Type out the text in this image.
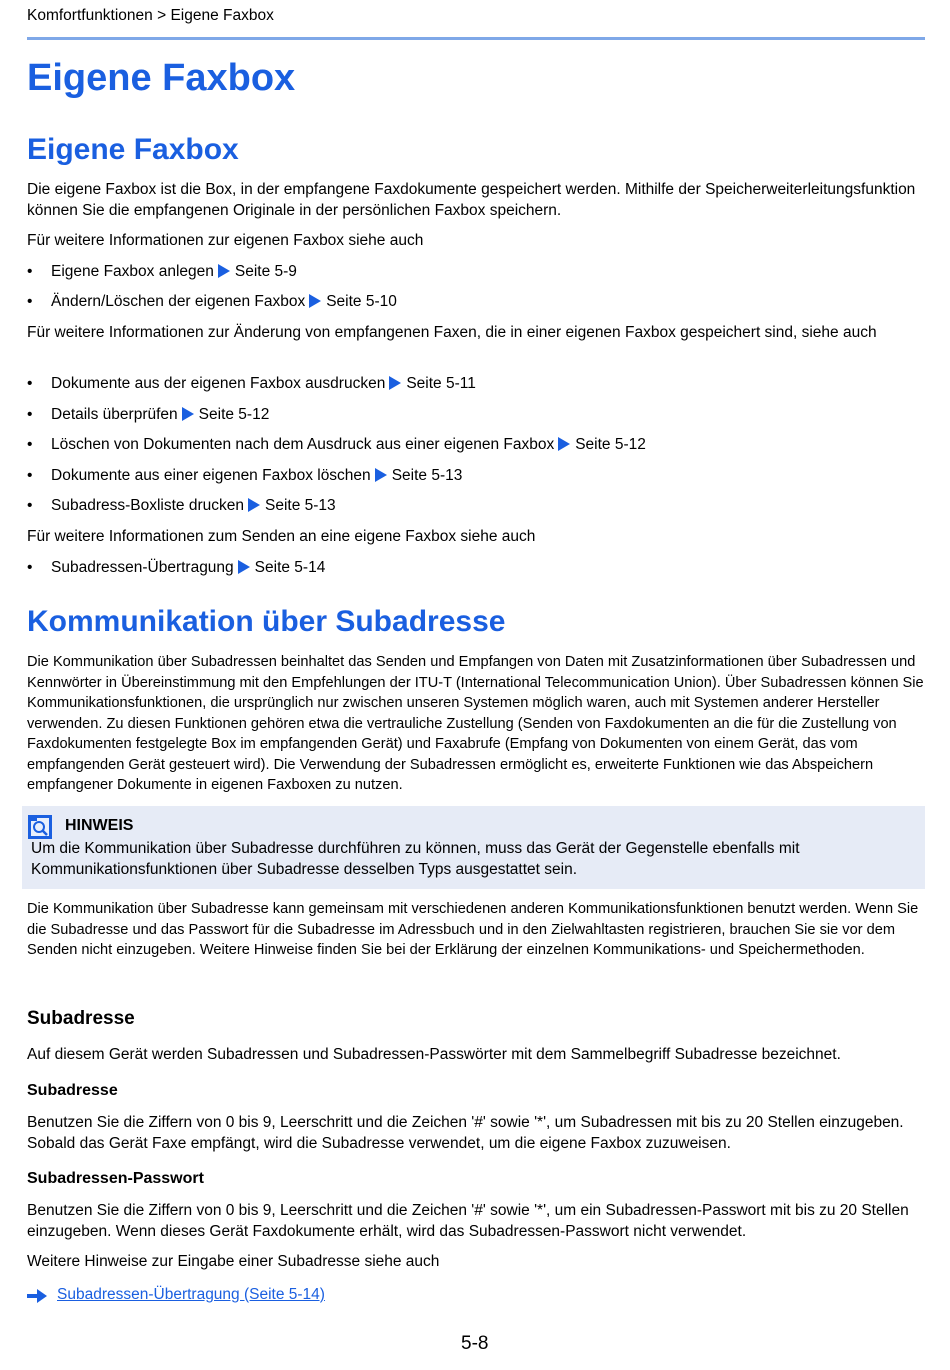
Komfortfunktionen > Eigene Faxbox
Eigene Faxbox
Eigene Faxbox

Die eigene Faxbox ist die Box, in der empfangene Faxdokumente gespeichert werden. Mithilfe der Speicherweiterleitungsfunktion können Sie die empfangenen Originale in der persönlichen Faxbox speichern.

Für weitere Informationen zur eigenen Faxbox siehe auch

• Eigene Faxbox anlegen Seite 5-9
• Ändern/Löschen der eigenen Faxbox Seite 5-10

Für weitere Informationen zur Änderung von empfangenen Faxen, die in einer eigenen Faxbox gespeichert sind, siehe auch

• Dokumente aus der eigenen Faxbox ausdrucken Seite 5-11
• Details überprüfen Seite 5-12
• Löschen von Dokumenten nach dem Ausdruck aus einer eigenen Faxbox Seite 5-12
• Dokumente aus einer eigenen Faxbox löschen Seite 5-13
• Subadress-Boxliste drucken Seite 5-13

Für weitere Informationen zum Senden an eine eigene Faxbox siehe auch

• Subadressen-Übertragung Seite 5-14
Kommunikation über Subadresse

Die Kommunikation über Subadressen beinhaltet das Senden und Empfangen von Daten mit Zusatzinformationen über Subadressen und Kennwörter in Übereinstimmung mit den Empfehlungen der ITU-T (International Telecommunication Union). Über Subadressen können Sie Kommunikationsfunktionen, die ursprünglich nur zwischen unseren Systemen möglich waren, auch mit Systemen anderer Hersteller verwenden. Zu diesen Funktionen gehören etwa die vertrauliche Zustellung (Senden von Faxdokumenten an die für die Zustellung von Faxdokumenten festgelegte Box im empfangenden Gerät) und Faxabrufe (Empfang von Dokumenten von einem Gerät, das vom empfangenden Gerät gesteuert wird). Die Verwendung der Subadressen ermöglicht es, erweiterte Funktionen wie das Abspeichern empfangener Dokumente in eigenen Faxboxen zu nutzen.

HINWEIS
Um die Kommunikation über Subadresse durchführen zu können, muss das Gerät der Gegenstelle ebenfalls mit Kommunikationsfunktionen über Subadresse desselben Typs ausgestattet sein.

Die Kommunikation über Subadresse kann gemeinsam mit verschiedenen anderen Kommunikationsfunktionen benutzt werden. Wenn Sie die Subadresse und das Passwort für die Subadresse im Adressbuch und in den Zielwahltasten registrieren, brauchen Sie sie vor dem Senden nicht einzugeben. Weitere Hinweise finden Sie bei der Erklärung der einzelnen Kommunikations- und Speichermethoden.

Subadresse

Auf diesem Gerät werden Subadressen und Subadressen-Passwörter mit dem Sammelbegriff Subadresse bezeichnet.

Subadresse

Benutzen Sie die Ziffern von 0 bis 9, Leerschritt und die Zeichen '#' sowie '*', um Subadressen mit bis zu 20 Stellen einzugeben. Sobald das Gerät Faxe empfängt, wird die Subadresse verwendet, um die eigene Faxbox zuzuweisen.

Subadressen-Passwort

Benutzen Sie die Ziffern von 0 bis 9, Leerschritt und die Zeichen '#' sowie '*', um ein Subadressen-Passwort mit bis zu 20 Stellen einzugeben. Wenn dieses Gerät Faxdokumente erhält, wird das Subadressen-Passwort nicht verwendet.

Weitere Hinweise zur Eingabe einer Subadresse siehe auch

Subadressen-Übertragung (Seite 5-14)
5-8
